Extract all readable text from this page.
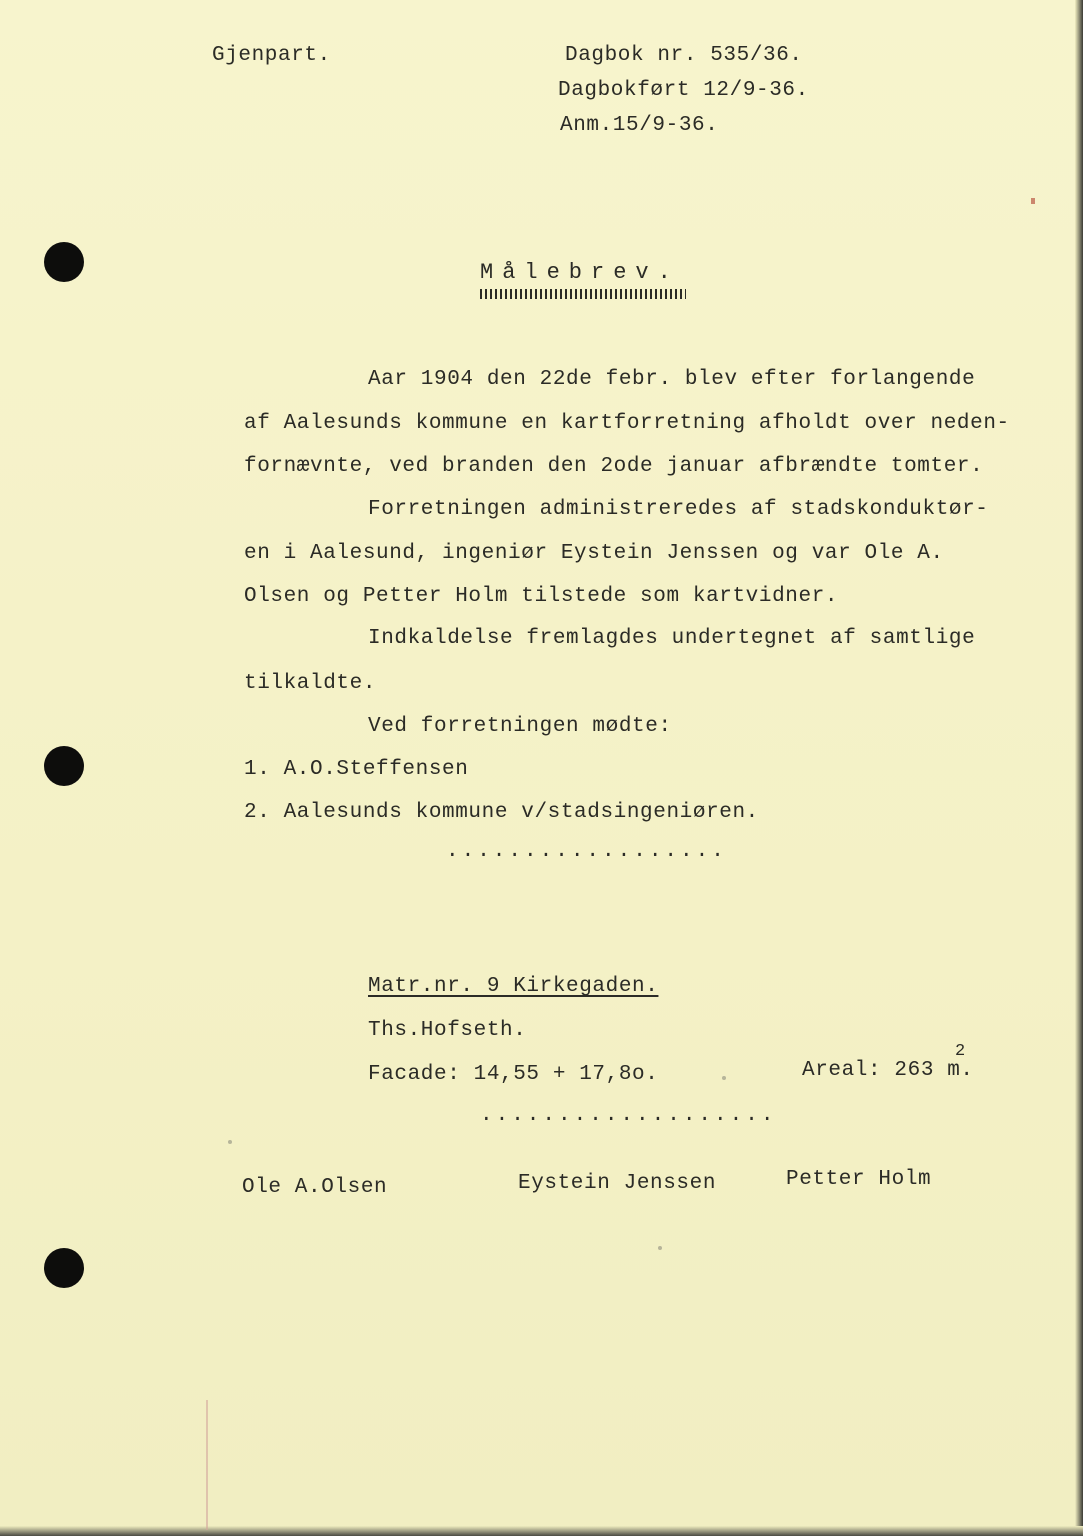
Gjenpart.	Dagbok nr. 535/36.
Dagbokført 12/9-36.
Anm.15/9-36.
Målebrev.
Aar 1904 den 22de febr. blev efter forlangende
af Aalesunds kommune en kartforretning afholdt over neden-
fornævnte, ved branden den 2ode januar afbrændte tomter.
Forretningen administreredes af stadskonduktør-
en i Aalesund, ingeniør Eystein Jenssen og var Ole A.
Olsen og Petter Holm tilstede som kartvidner.
Indkaldelse fremlagdes undertegnet af samtlige
tilkaldte.
Ved forretningen mødte:
1. A.O.Steffensen
2. Aalesunds kommune v/stadsingeniøren.
..................
Matr.nr. 9 Kirkegaden.
Ths.Hofseth.
Facade: 14,55 + 17,8o.	Areal: 263 m.
2
...................
Ole A.Olsen	Eystein Jenssen	Petter Holm
